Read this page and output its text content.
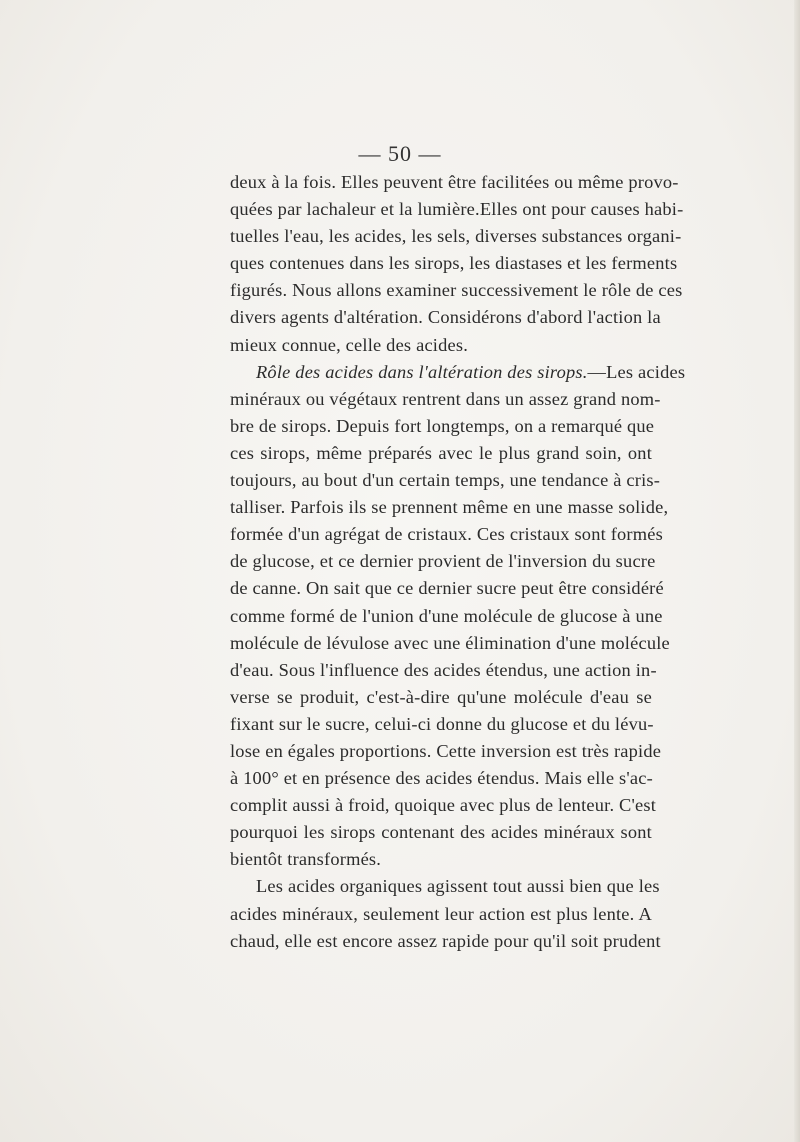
— 50 —
deux à la fois. Elles peuvent être facilitées ou même provo-
quées par lachaleur et la lumière.Elles ont pour causes habi-
tuelles l'eau, les acides, les sels, diverses substances organi-
ques contenues dans les sirops, les diastases et les ferments
figurés. Nous allons examiner successivement le rôle de ces
divers agents d'altération. Considérons d'abord l'action la
mieux connue, celle des acides.
Rôle des acides dans l'altération des sirops.—Les acides
minéraux ou végétaux rentrent dans un assez grand nom-
bre de sirops. Depuis fort longtemps, on a remarqué que
ces sirops, même préparés avec le plus grand soin, ont
toujours, au bout d'un certain temps, une tendance à cris-
talliser. Parfois ils se prennent même en une masse solide,
formée d'un agrégat de cristaux. Ces cristaux sont formés
de glucose, et ce dernier provient de l'inversion du sucre
de canne. On sait que ce dernier sucre peut être considéré
comme formé de l'union d'une molécule de glucose à une
molécule de lévulose avec une élimination d'une molécule
d'eau. Sous l'influence des acides étendus, une action in-
verse se produit, c'est-à-dire qu'une molécule d'eau se
fixant sur le sucre, celui-ci donne du glucose et du lévu-
lose en égales proportions. Cette inversion est très rapide
à 100° et en présence des acides étendus. Mais elle s'ac-
complit aussi à froid, quoique avec plus de lenteur. C'est
pourquoi les sirops contenant des acides minéraux sont
bientôt transformés.
Les acides organiques agissent tout aussi bien que les
acides minéraux, seulement leur action est plus lente. A
chaud, elle est encore assez rapide pour qu'il soit prudent
